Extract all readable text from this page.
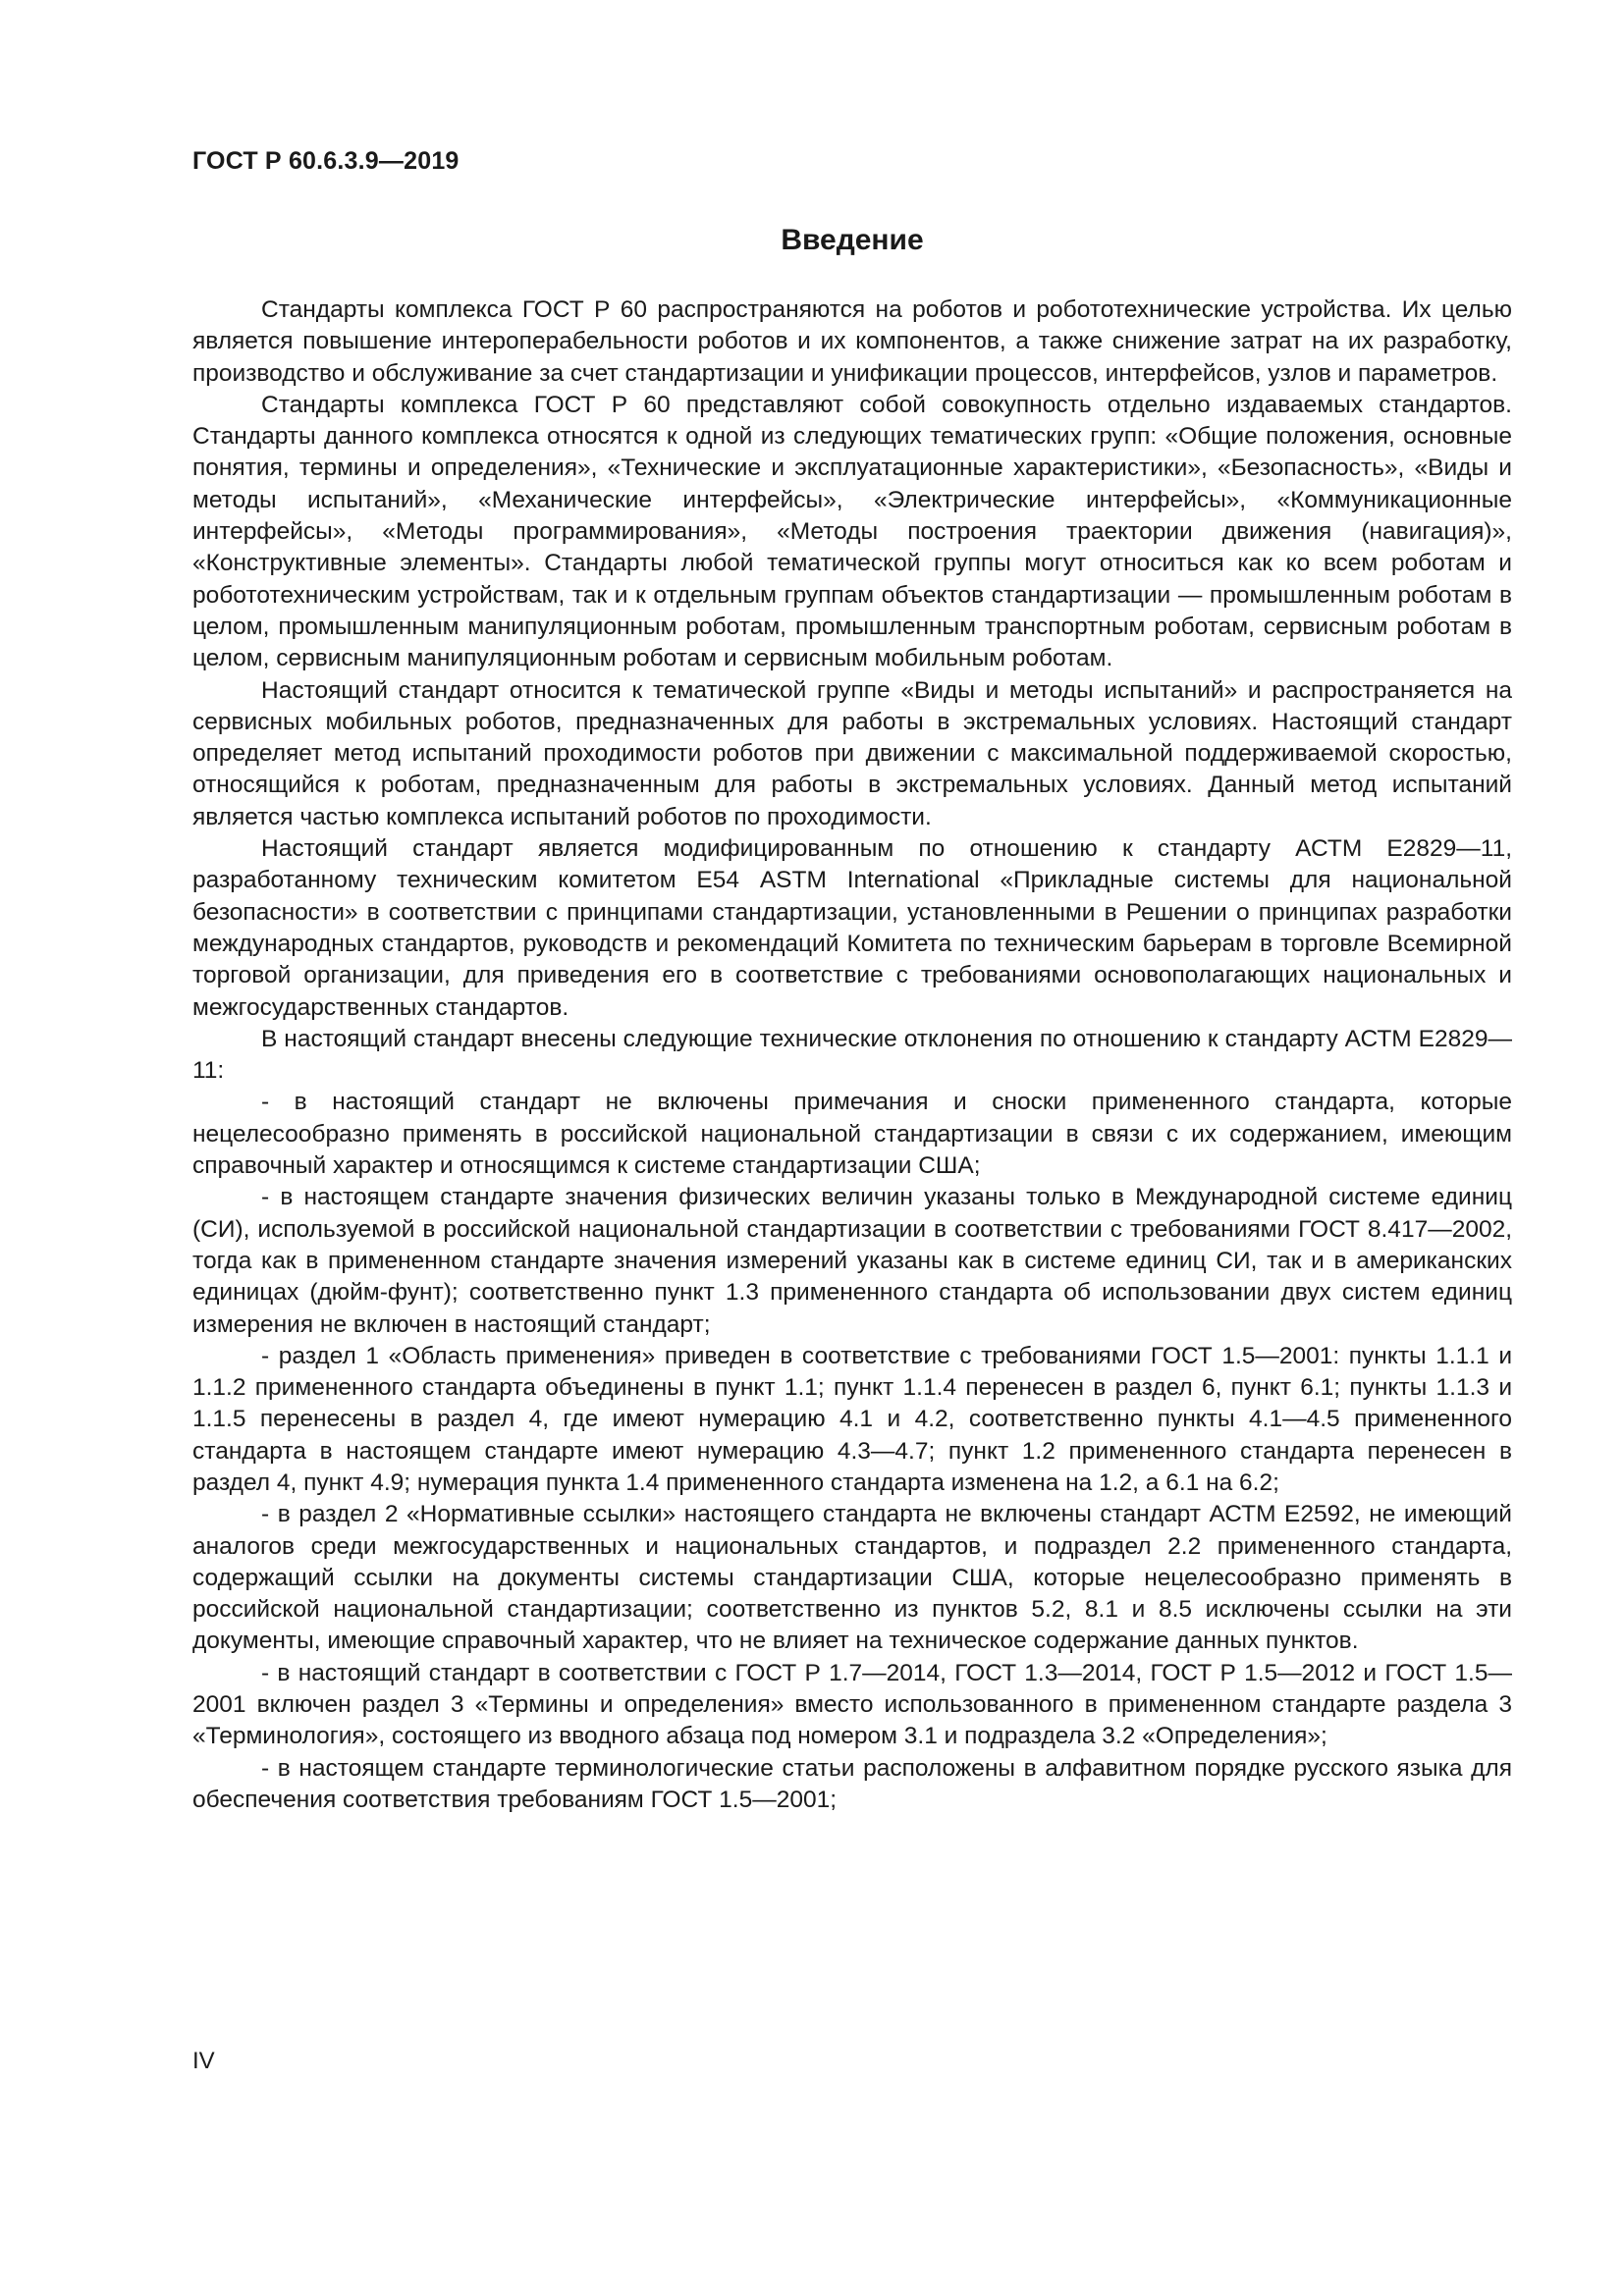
ГОСТ Р 60.6.3.9—2019
Введение

Стандарты комплекса ГОСТ Р 60 распространяются на роботов и робототехнические устройства. Их целью является повышение интероперабельности роботов и их компонентов, а также снижение затрат на их разработку, производство и обслуживание за счет стандартизации и унификации процессов, интерфейсов, узлов и параметров.

Стандарты комплекса ГОСТ Р 60 представляют собой совокупность отдельно издаваемых стандартов. Стандарты данного комплекса относятся к одной из следующих тематических групп: «Общие положения, основные понятия, термины и определения», «Технические и эксплуатационные характеристики», «Безопасность», «Виды и методы испытаний», «Механические интерфейсы», «Электрические интерфейсы», «Коммуникационные интерфейсы», «Методы программирования», «Методы построения траектории движения (навигация)», «Конструктивные элементы». Стандарты любой тематической группы могут относиться как ко всем роботам и робототехническим устройствам, так и к отдельным группам объектов стандартизации — промышленным роботам в целом, промышленным манипуляционным роботам, промышленным транспортным роботам, сервисным роботам в целом, сервисным манипуляционным роботам и сервисным мобильным роботам.

Настоящий стандарт относится к тематической группе «Виды и методы испытаний» и распространяется на сервисных мобильных роботов, предназначенных для работы в экстремальных условиях. Настоящий стандарт определяет метод испытаний проходимости роботов при движении с максимальной поддерживаемой скоростью, относящийся к роботам, предназначенным для работы в экстремальных условиях. Данный метод испытаний является частью комплекса испытаний роботов по проходимости.

Настоящий стандарт является модифицированным по отношению к стандарту АСТМ Е2829—11, разработанному техническим комитетом Е54 ASTM International «Прикладные системы для национальной безопасности» в соответствии с принципами стандартизации, установленными в Решении о принципах разработки международных стандартов, руководств и рекомендаций Комитета по техническим барьерам в торговле Всемирной торговой организации, для приведения его в соответствие с требованиями основополагающих национальных и межгосударственных стандартов.

В настоящий стандарт внесены следующие технические отклонения по отношению к стандарту АСТМ Е2829—11:

- в настоящий стандарт не включены примечания и сноски примененного стандарта, которые нецелесообразно применять в российской национальной стандартизации в связи с их содержанием, имеющим справочный характер и относящимся к системе стандартизации США;

- в настоящем стандарте значения физических величин указаны только в Международной системе единиц (СИ), используемой в российской национальной стандартизации в соответствии с требованиями ГОСТ 8.417—2002, тогда как в примененном стандарте значения измерений указаны как в системе единиц СИ, так и в американских единицах (дюйм-фунт); соответственно пункт 1.3 примененного стандарта об использовании двух систем единиц измерения не включен в настоящий стандарт;

- раздел 1 «Область применения» приведен в соответствие с требованиями ГОСТ 1.5—2001: пункты 1.1.1 и 1.1.2 примененного стандарта объединены в пункт 1.1; пункт 1.1.4 перенесен в раздел 6, пункт 6.1; пункты 1.1.3 и 1.1.5 перенесены в раздел 4, где имеют нумерацию 4.1 и 4.2, соответственно пункты 4.1—4.5 примененного стандарта в настоящем стандарте имеют нумерацию 4.3—4.7; пункт 1.2 примененного стандарта перенесен в раздел 4, пункт 4.9; нумерация пункта 1.4 примененного стандарта изменена на 1.2, а 6.1 на 6.2;

- в раздел 2 «Нормативные ссылки» настоящего стандарта не включены стандарт АСТМ Е2592, не имеющий аналогов среди межгосударственных и национальных стандартов, и подраздел 2.2 примененного стандарта, содержащий ссылки на документы системы стандартизации США, которые нецелесообразно применять в российской национальной стандартизации; соответственно из пунктов 5.2, 8.1 и 8.5 исключены ссылки на эти документы, имеющие справочный характер, что не влияет на техническое содержание данных пунктов.

- в настоящий стандарт в соответствии с ГОСТ Р 1.7—2014, ГОСТ 1.3—2014, ГОСТ Р 1.5—2012 и ГОСТ 1.5—2001 включен раздел 3 «Термины и определения» вместо использованного в примененном стандарте раздела 3 «Терминология», состоящего из вводного абзаца под номером 3.1 и подраздела 3.2 «Определения»;

- в настоящем стандарте терминологические статьи расположены в алфавитном порядке русского языка для обеспечения соответствия требованиям ГОСТ 1.5—2001;

IV
